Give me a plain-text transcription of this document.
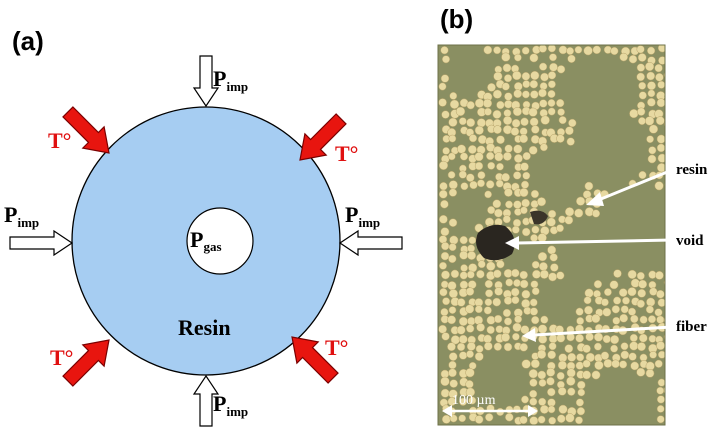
(a)
Pgas
Resin
$P_{imp}$
$P_{imp}$
$P_{imp}$	$P_{imp}$
T°
T°
T°	T°
(b)
resin
void
fiber
100 µm
